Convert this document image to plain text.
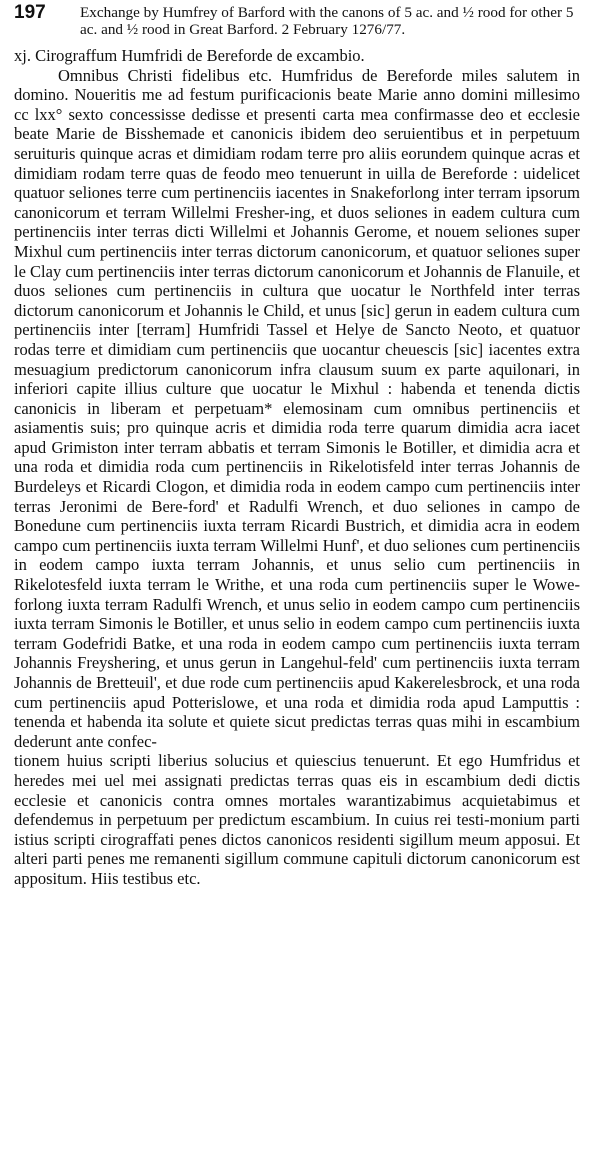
197	Exchange by Humfrey of Barford with the canons of 5 ac. and ½ rood for other 5 ac. and ½ rood in Great Barford. 2 February 1276/77.
xj. Cirograffum Humfridi de Bereforde de excambio.

Omnibus Christi fidelibus etc. Humfridus de Bereforde miles salutem in domino. Noueritis me ad festum purificacionis beate Marie anno domini millesimo cc lxx° sexto concessisse dedisse et presenti carta mea confirmasse deo et ecclesie beate Marie de Bisshemade et canonicis ibidem deo seruientibus et in perpetuum seruituris quinque acras et dimidiam rodam terre pro aliis eorundem quinque acras et dimidiam rodam terre quas de feodo meo tenuerunt in uilla de Bereforde : uidelicet quatuor seliones terre cum pertinenciis iacentes in Snakeforlong inter terram ipsorum canonicorum et terram Willelmi Fresher-ing, et duos seliones in eadem cultura cum pertinenciis inter terras dicti Willelmi et Johannis Gerome, et nouem seliones super Mixhul cum pertinenciis inter terras dictorum canonicorum, et quatuor seliones super le Clay cum pertinenciis inter terras dictorum canonicorum et Johannis de Flanuile, et duos seliones cum pertinenciis in cultura que uocatur le Northfeld inter terras dictorum canonicorum et Johannis le Child, et unus [sic] gerun in eadem cultura cum pertinenciis inter [terram] Humfridi Tassel et Helye de Sancto Neoto, et quatuor rodas terre et dimidiam cum pertinenciis que uocantur cheuescis [sic] iacentes extra mesuagium predictorum canonicorum infra clausum suum ex parte aquilonari, in inferiori capite illius culture que uocatur le Mixhul : habenda et tenenda dictis canonicis in liberam et perpetuam* elemosinam cum omnibus pertinenciis et asiamentis suis; pro quinque acris et dimidia roda terre quarum dimidia acra iacet apud Grimiston inter terram abbatis et terram Simonis le Botiller, et dimidia acra et una roda et dimidia roda cum pertinenciis in Rikelotisfeld inter terras Johannis de Burdeleys et Ricardi Clogon, et dimidia roda in eodem campo cum pertinenciis inter terras Jeronimi de Bere-ford' et Radulfi Wrench, et duo seliones in campo de Bonedune cum pertinenciis iuxta terram Ricardi Bustrich, et dimidia acra in eodem campo cum pertinenciis iuxta terram Willelmi Hunf', et duo seliones cum pertinenciis in eodem campo iuxta terram Johannis, et unus selio cum pertinenciis in Rikelotesfeld iuxta terram le Writhe, et una roda cum pertinenciis super le Wowe-forlong iuxta terram Radulfi Wrench, et unus selio in eodem campo cum pertinenciis iuxta terram Simonis le Botiller, et unus selio in eodem campo cum pertinenciis iuxta terram Godefridi Batke, et una roda in eodem campo cum pertinenciis iuxta terram Johannis Freyshering, et unus gerun in Langehul-feld' cum pertinenciis iuxta terram Johannis de Bretteuil', et due rode cum pertinenciis apud Kakerelesbrock, et una roda cum pertinenciis apud Potterislowe, et una roda et dimidia roda apud Lamputtis : tenenda et habenda ita solute et quiete sicut predictas terras quas mihi in escambium dederunt ante confec-

tionem huius scripti liberius solucius et quiescius tenuerunt. Et ego Humfridus et heredes mei uel mei assignati predictas terras quas eis in escambium dedi dictis ecclesie et canonicis contra omnes mortales warantizabimus acquietabimus et defendemus in perpetuum per predictum escambium. In cuius rei testi-monium parti istius scripti cirograffati penes dictos canonicos residenti sigillum meum apposui. Et alteri parti penes me remanenti sigillum commune capituli dictorum canonicorum est appositum. Hiis testibus etc.
